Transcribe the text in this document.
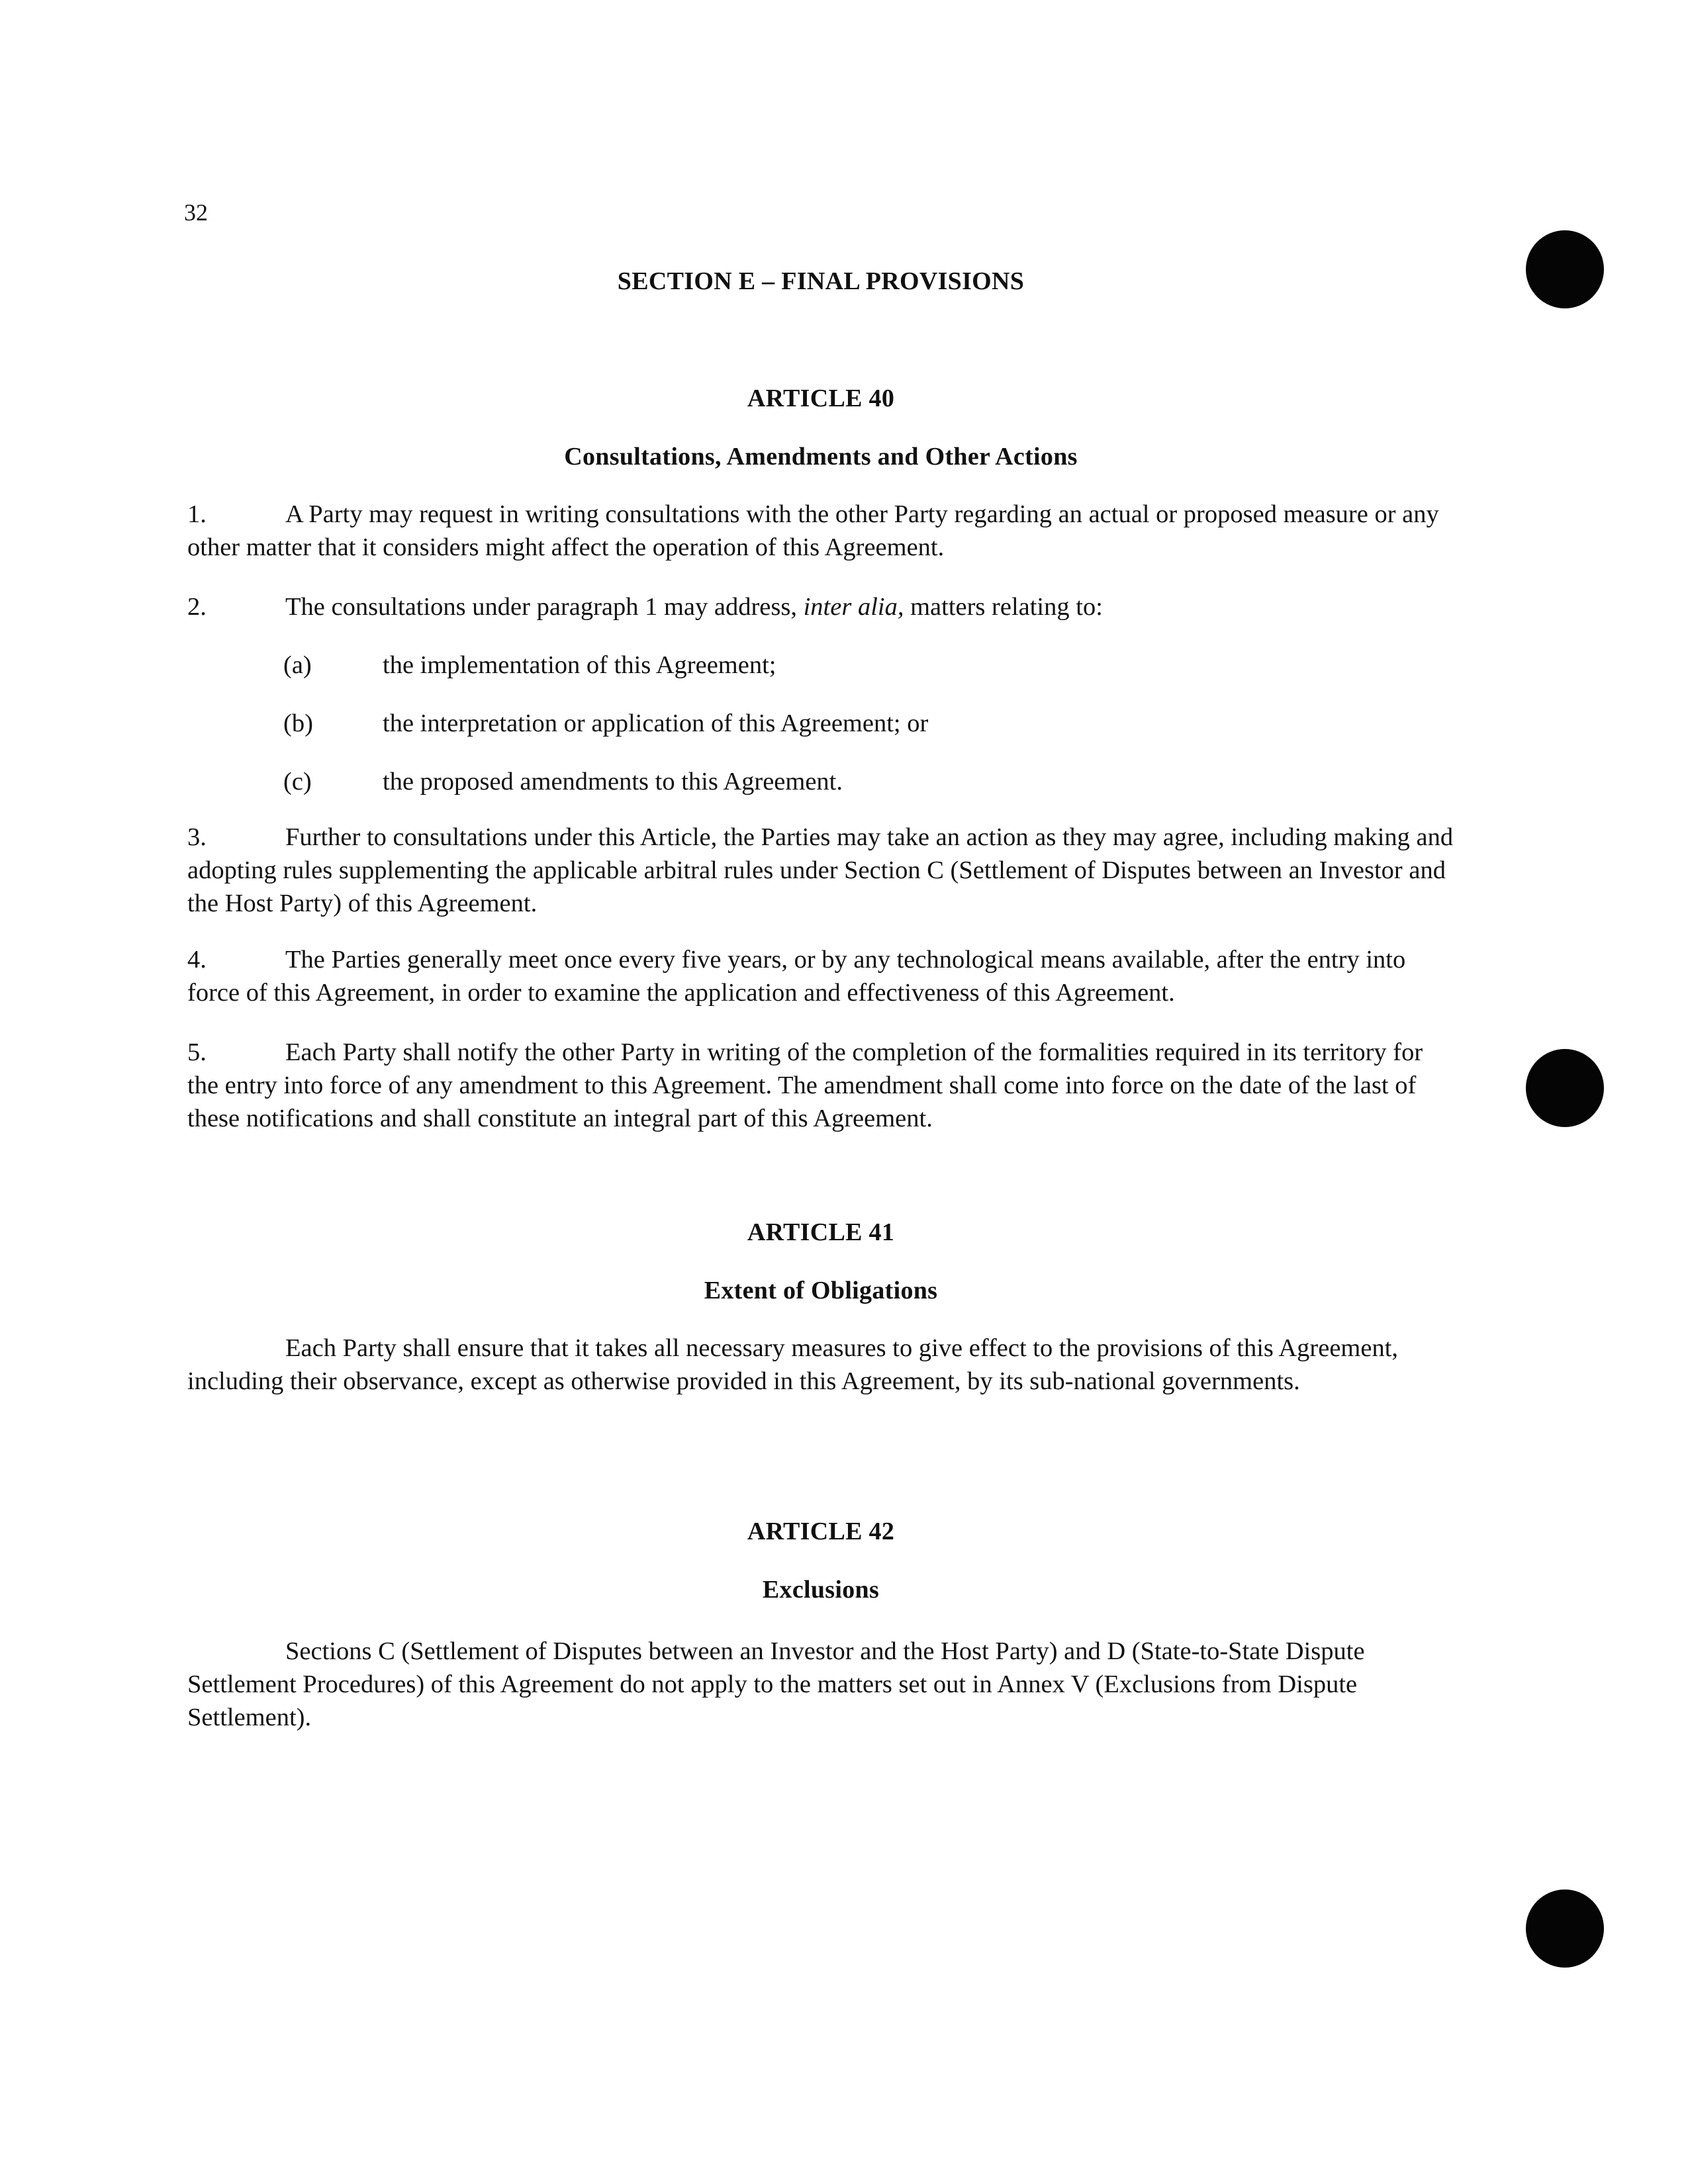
32
SECTION E – FINAL PROVISIONS
ARTICLE 40
Consultations, Amendments and Other Actions
1.	A Party may request in writing consultations with the other Party regarding an actual or proposed measure or any other matter that it considers might affect the operation of this Agreement.
2.	The consultations under paragraph 1 may address, inter alia, matters relating to:
(a)	the implementation of this Agreement;
(b)	the interpretation or application of this Agreement; or
(c)	the proposed amendments to this Agreement.
3.	Further to consultations under this Article, the Parties may take an action as they may agree, including making and adopting rules supplementing the applicable arbitral rules under Section C (Settlement of Disputes between an Investor and the Host Party) of this Agreement.
4.	The Parties generally meet once every five years, or by any technological means available, after the entry into force of this Agreement, in order to examine the application and effectiveness of this Agreement.
5.	Each Party shall notify the other Party in writing of the completion of the formalities required in its territory for the entry into force of any amendment to this Agreement. The amendment shall come into force on the date of the last of these notifications and shall constitute an integral part of this Agreement.
ARTICLE 41
Extent of Obligations
Each Party shall ensure that it takes all necessary measures to give effect to the provisions of this Agreement, including their observance, except as otherwise provided in this Agreement, by its sub-national governments.
ARTICLE 42
Exclusions
Sections C (Settlement of Disputes between an Investor and the Host Party) and D (State-to-State Dispute Settlement Procedures) of this Agreement do not apply to the matters set out in Annex V (Exclusions from Dispute Settlement).
